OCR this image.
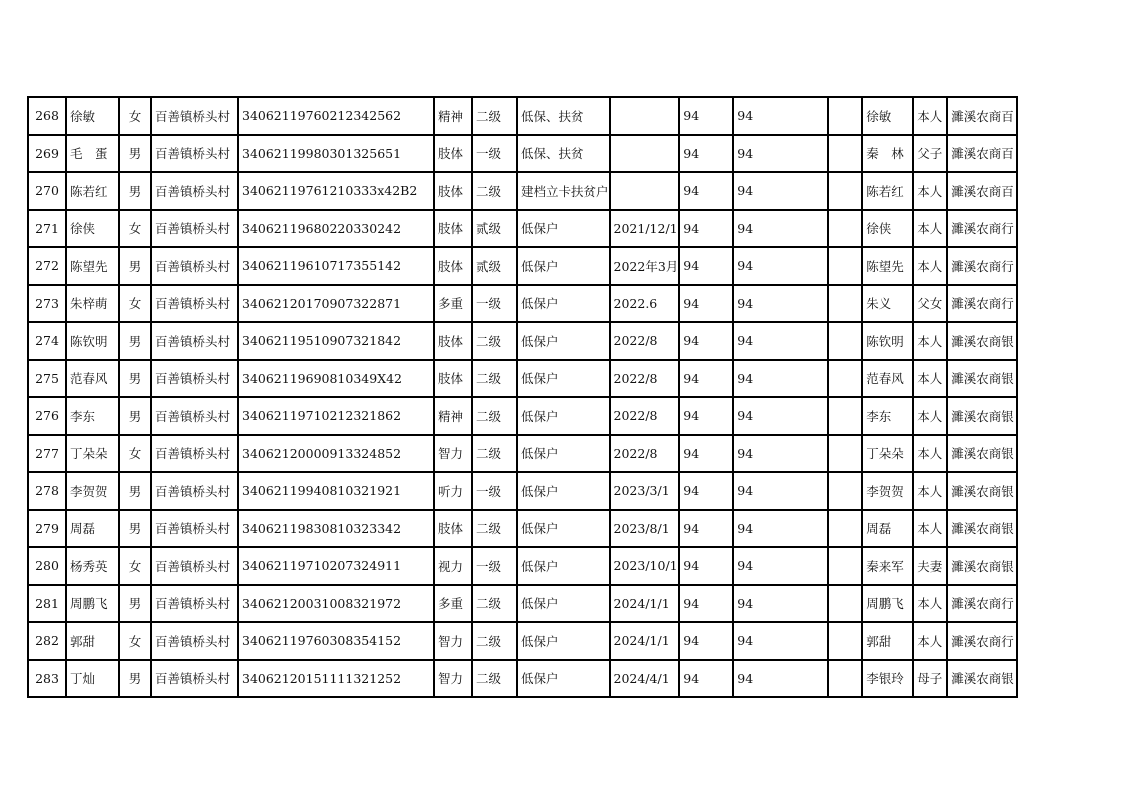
268	徐敏	女	百善镇桥头村	34062119760212342562	精神	二级	低保、扶贫		94	94		徐敏	本人	濉溪农商百
269	毛　蛋	男	百善镇桥头村	34062119980301325651	肢体	一级	低保、扶贫		94	94		秦　林	父子	濉溪农商百
270	陈若红	男	百善镇桥头村	34062119761210333x42B2	肢体	二级	建档立卡扶贫户		94	94		陈若红	本人	濉溪农商百
271	徐侠	女	百善镇桥头村	34062119680220330242	肢体	贰级	低保户	2021/12/1	94	94		徐侠	本人	濉溪农商行
272	陈望先	男	百善镇桥头村	34062119610717355142	肢体	贰级	低保户	2022年3月	94	94		陈望先	本人	濉溪农商行
273	朱梓萌	女	百善镇桥头村	34062120170907322871	多重	一级	低保户	2022.6	94	94		朱义	父女	濉溪农商行
274	陈钦明	男	百善镇桥头村	34062119510907321842	肢体	二级	低保户	2022/8	94	94		陈钦明	本人	濉溪农商银
275	范春风	男	百善镇桥头村	34062119690810349X42	肢体	二级	低保户	2022/8	94	94		范春风	本人	濉溪农商银
276	李东	男	百善镇桥头村	34062119710212321862	精神	二级	低保户	2022/8	94	94		李东	本人	濉溪农商银
277	丁朵朵	女	百善镇桥头村	34062120000913324852	智力	二级	低保户	2022/8	94	94		丁朵朵	本人	濉溪农商银
278	李贺贺	男	百善镇桥头村	34062119940810321921	听力	一级	低保户	2023/3/1	94	94		李贺贺	本人	濉溪农商银
279	周磊	男	百善镇桥头村	34062119830810323342	肢体	二级	低保户	2023/8/1	94	94		周磊	本人	濉溪农商银
280	杨秀英	女	百善镇桥头村	34062119710207324911	视力	一级	低保户	2023/10/1	94	94		秦来军	夫妻	濉溪农商银
281	周鹏飞	男	百善镇桥头村	34062120031008321972	多重	二级	低保户	2024/1/1	94	94		周鹏飞	本人	濉溪农商行
282	郭甜	女	百善镇桥头村	34062119760308354152	智力	二级	低保户	2024/1/1	94	94		郭甜	本人	濉溪农商行
283	丁灿	男	百善镇桥头村	34062120151111321252	智力	二级	低保户	2024/4/1	94	94		李银玲	母子	濉溪农商银
